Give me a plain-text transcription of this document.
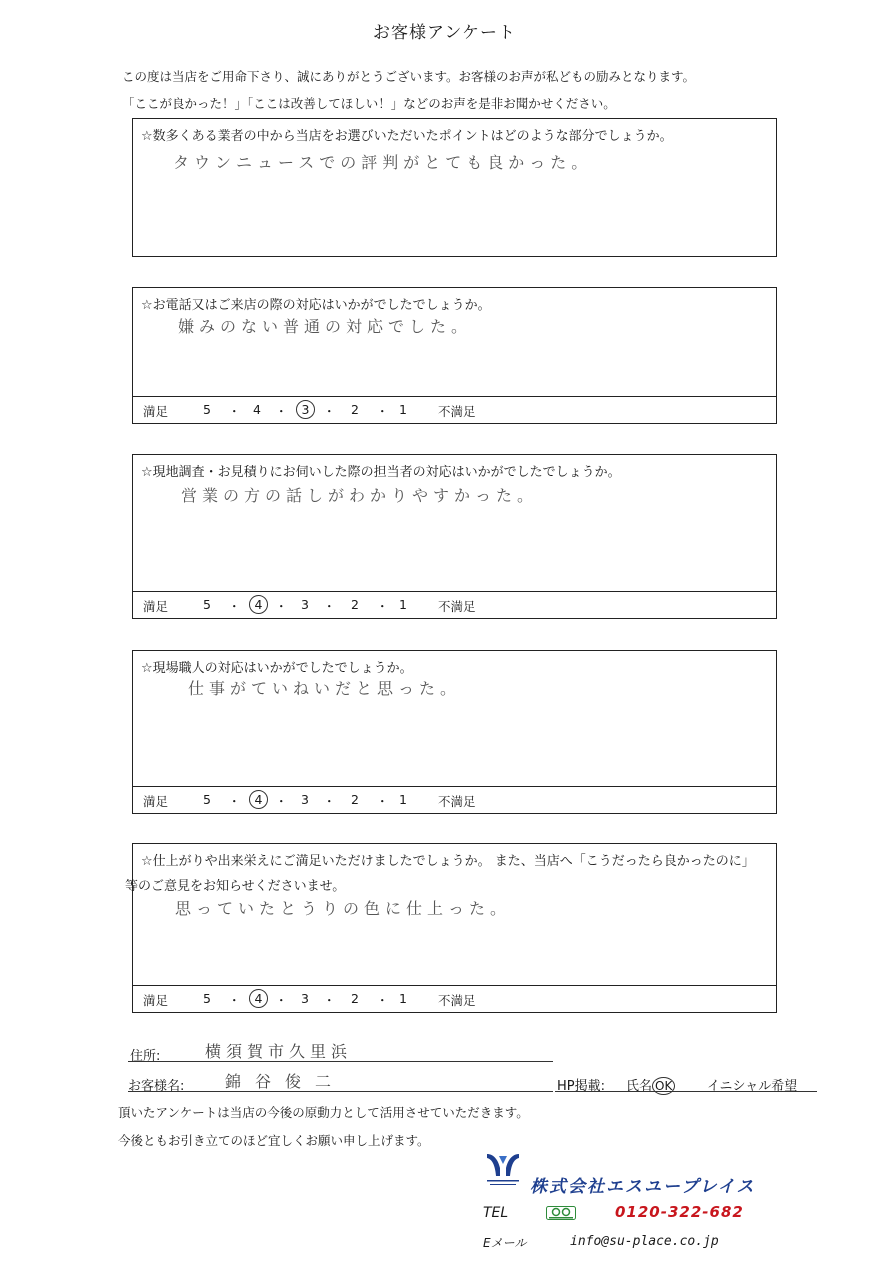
お客様アンケート
この度は当店をご用命下さり、誠にありがとうございます。お客様のお声が私どもの励みとなります。
「ここが良かった！」「ここは改善してほしい！」などのお声を是非お聞かせください。
☆数多くある業者の中から当店をお選びいただいたポイントはどのような部分でしょうか。
タウンニュースでの評判がとても良かった。
☆お電話又はご来店の際の対応はいかがでしたでしょうか。
嫌みのない普通の対応でした。
満足	5 ・ 4 ・	3	・ 2 ・ 1 不満足
☆現地調査・お見積りにお伺いした際の担当者の対応はいかがでしたでしょうか。
営業の方の話しがわかりやすかった。
満足	5 ・	4	・ 3 ・ 2 ・ 1 不満足
☆現場職人の対応はいかがでしたでしょうか。
仕事がていねいだと思った。
満足	5 ・	4	・ 3 ・ 2 ・ 1 不満足
☆仕上がりや出来栄えにご満足いただけましたでしょうか。 また、当店へ「こうだったら良かったのに」
等のご意見をお知らせくださいませ。
思っていたとうりの色に仕上った。
満足	5 ・	4	・ 3 ・ 2 ・ 1 不満足
住所:	横須賀市久里浜
お客様名:	錦谷俊二	HP掲載: 氏名 OK	イニシャル希望
頂いたアンケートは当店の今後の原動力として活用させていただきます。
今後ともお引き立てのほど宜しくお願い申し上げます。
株式会社エスユープレイス
TEL	0120-322-682
Eメール	info@su-place.co.jp
